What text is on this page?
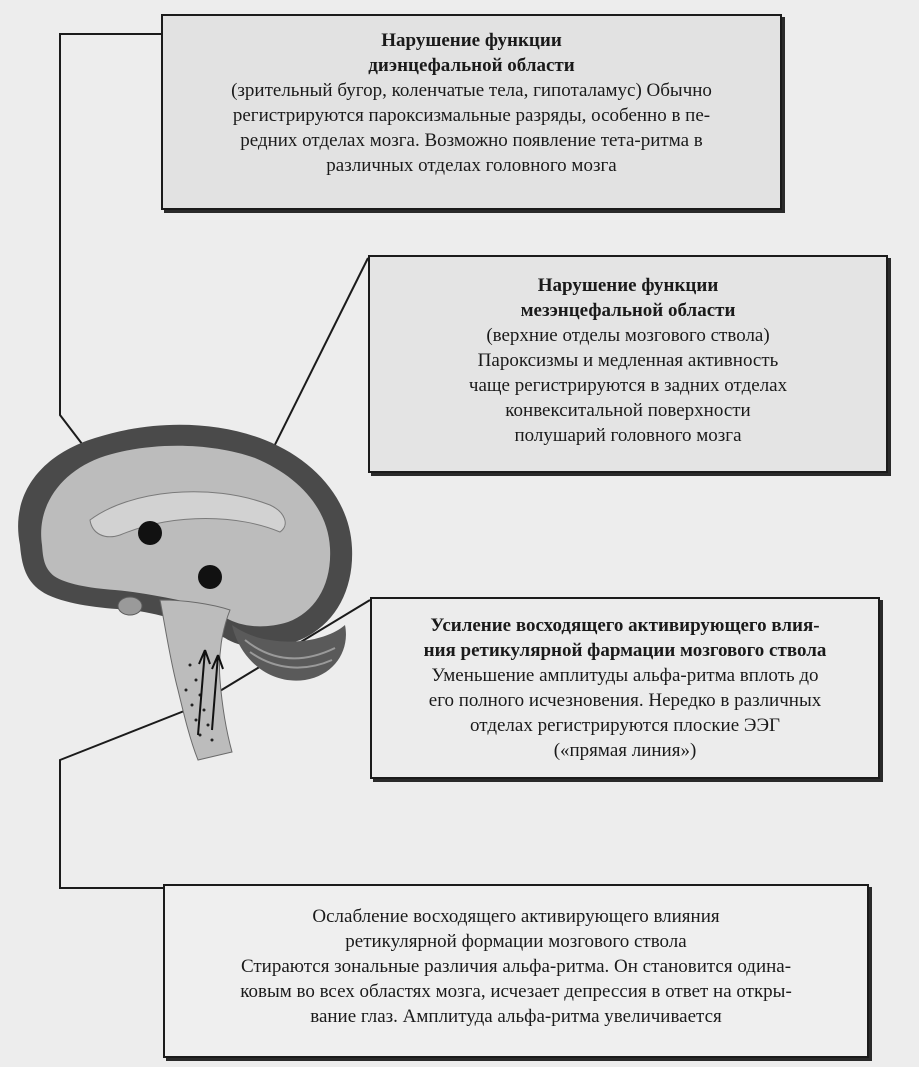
Нарушение функции
диэнцефальной области
(зрительный бугор, коленчатые тела, гипоталамус) Обычно
регистрируются пароксизмальные разряды, особенно в пе-
редних отделах мозга. Возможно появление тета-ритма в
различных отделах головного мозга
Нарушение функции
мезэнцефальной области
(верхние отделы мозгового ствола)
Пароксизмы и медленная активность
чаще регистрируются в задних отделах
конвекситальной поверхности
полушарий головного мозга
Усиление восходящего активирующего влия-
ния ретикулярной фармации мозгового ствола
Уменьшение амплитуды альфа-ритма вплоть до
его полного исчезновения. Нередко в различных
отделах регистрируются плоские ЭЭГ
(«прямая линия»)
Ослабление восходящего активирующего влияния
ретикулярной формации мозгового ствола
Стираются зональные различия альфа-ритма. Он становится одина-
ковым во всех областях мозга, исчезает депрессия в ответ на откры-
вание глаз. Амплитуда альфа-ритма увеличивается
